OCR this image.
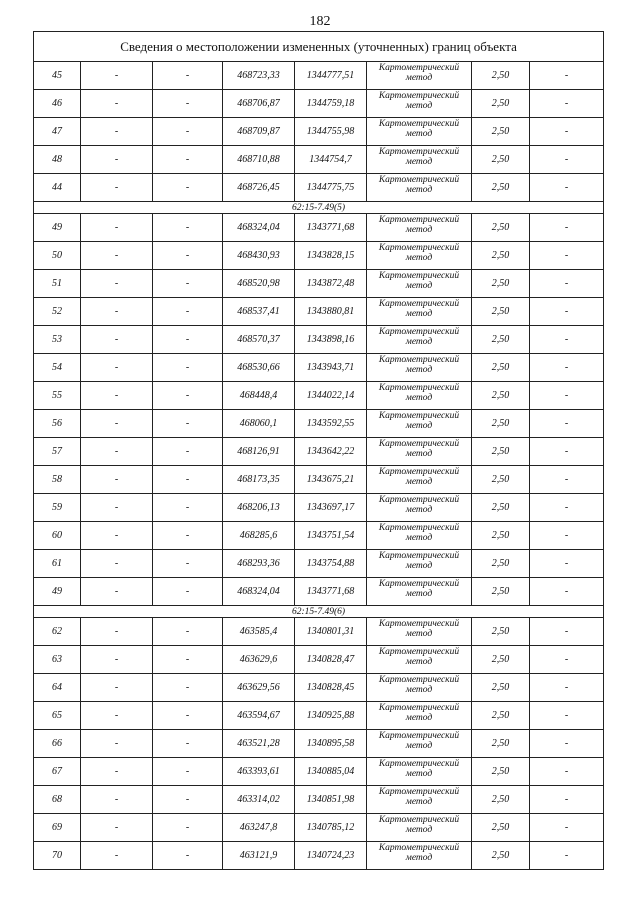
182
Сведения о местоположении измененных (уточненных) границ объекта							
45	-	-	468723,33	1344777,51	Картометрический метод	2,50	-
46	-	-	468706,87	1344759,18	Картометрический метод	2,50	-
47	-	-	468709,87	1344755,98	Картометрический метод	2,50	-
48	-	-	468710,88	1344754,7	Картометрический метод	2,50	-
44	-	-	468726,45	1344775,75	Картометрический метод	2,50	-
62:15-7.49(5)							
49	-	-	468324,04	1343771,68	Картометрический метод	2,50	-
50	-	-	468430,93	1343828,15	Картометрический метод	2,50	-
51	-	-	468520,98	1343872,48	Картометрический метод	2,50	-
52	-	-	468537,41	1343880,81	Картометрический метод	2,50	-
53	-	-	468570,37	1343898,16	Картометрический метод	2,50	-
54	-	-	468530,66	1343943,71	Картометрический метод	2,50	-
55	-	-	468448,4	1344022,14	Картометрический метод	2,50	-
56	-	-	468060,1	1343592,55	Картометрический метод	2,50	-
57	-	-	468126,91	1343642,22	Картометрический метод	2,50	-
58	-	-	468173,35	1343675,21	Картометрический метод	2,50	-
59	-	-	468206,13	1343697,17	Картометрический метод	2,50	-
60	-	-	468285,6	1343751,54	Картометрический метод	2,50	-
61	-	-	468293,36	1343754,88	Картометрический метод	2,50	-
49	-	-	468324,04	1343771,68	Картометрический метод	2,50	-
62:15-7.49(6)							
62	-	-	463585,4	1340801,31	Картометрический метод	2,50	-
63	-	-	463629,6	1340828,47	Картометрический метод	2,50	-
64	-	-	463629,56	1340828,45	Картометрический метод	2,50	-
65	-	-	463594,67	1340925,88	Картометрический метод	2,50	-
66	-	-	463521,28	1340895,58	Картометрический метод	2,50	-
67	-	-	463393,61	1340885,04	Картометрический метод	2,50	-
68	-	-	463314,02	1340851,98	Картометрический метод	2,50	-
69	-	-	463247,8	1340785,12	Картометрический метод	2,50	-
70	-	-	463121,9	1340724,23	Картометрический метод	2,50	-
